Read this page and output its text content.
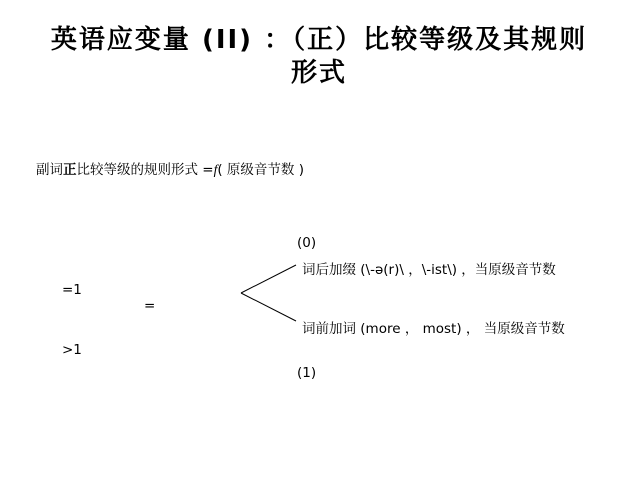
英语应变量 (II) ：（正）比较等级及其规则形式
副词正比较等级的规则形式 =f( 原级音节数 )
(0)
词后加缀 (\-ə(r)\ ，\-ist\) ，当原级音节数
=1
=
词前加词 (more ， most) ， 当原级音节数
>1
(1)
